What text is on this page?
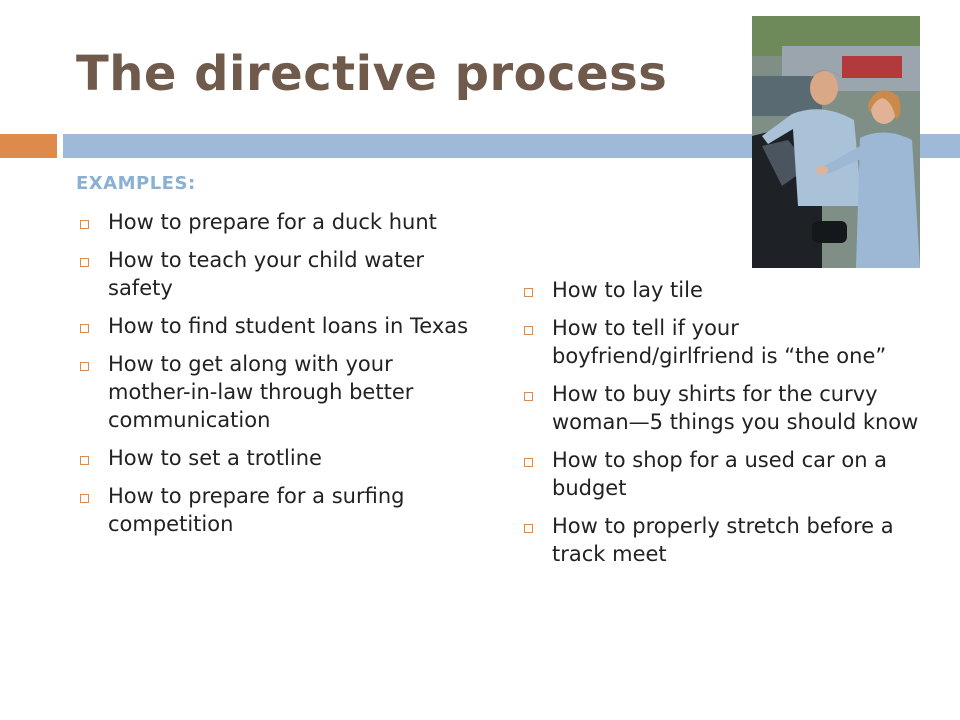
The directive process
EXAMPLES:
How to prepare for a duck hunt
How to teach your child water safety
How to find student loans in Texas
How to get along with your mother-in-law through better communication
How to set a trotline
How to prepare for a surfing competition
How to lay tile
How to tell if your boyfriend/girlfriend is “the one”
How to buy shirts for the curvy woman—5 things you should know
How to shop for a used car on a budget
How to properly stretch before a track meet
